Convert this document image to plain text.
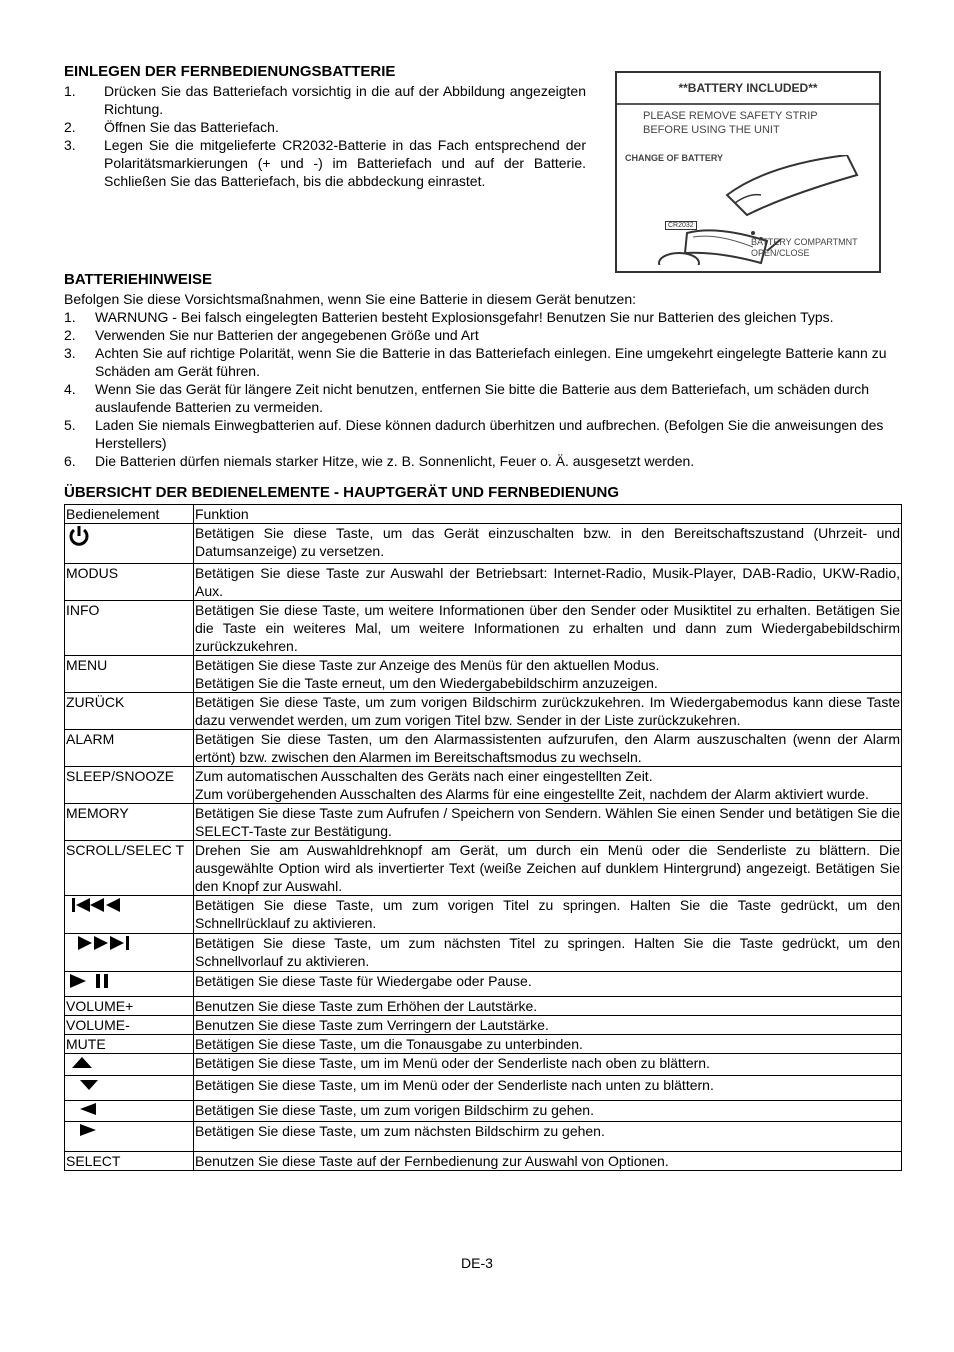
EINLEGEN DER FERNBEDIENUNGSBATTERIE
1. Drücken Sie das Batteriefach vorsichtig in die auf der Abbildung angezeigten Richtung.
2. Öffnen Sie das Batteriefach.
3. Legen Sie die mitgelieferte CR2032-Batterie in das Fach entsprechend der Polaritätsmarkierungen (+ und -) im Batteriefach und auf der Batterie. Schließen Sie das Batteriefach, bis die abbdeckung einrastet.
**BATTERY INCLUDED**
PLEASE REMOVE SAFETY STRIP
BEFORE USING THE UNIT
CHANGE OF BATTERY
CR2032
BATTERY COMPARTMNT
OPEN/CLOSE
BATTERIEHINWEISE
Befolgen Sie diese Vorsichtsmaßnahmen, wenn Sie eine Batterie in diesem Gerät benutzen:
1. WARNUNG - Bei falsch eingelegten Batterien besteht Explosionsgefahr! Benutzen Sie nur Batterien des gleichen Typs.
2. Verwenden Sie nur Batterien der angegebenen Größe und Art
3. Achten Sie auf richtige Polarität, wenn Sie die Batterie in das Batteriefach einlegen. Eine umgekehrt eingelegte Batterie kann zu Schäden am Gerät führen.
4. Wenn Sie das Gerät für längere Zeit nicht benutzen, entfernen Sie bitte die Batterie aus dem Batteriefach, um schäden durch auslaufende Batterien zu vermeiden.
5. Laden Sie niemals Einwegbatterien auf. Diese können dadurch überhitzen und aufbrechen. (Befolgen Sie die anweisungen des Herstellers)
6. Die Batterien dürfen niemals starker Hitze, wie z. B. Sonnenlicht, Feuer o. Ä. ausgesetzt werden.
ÜBERSICHT DER BEDIENELEMENTE - HAUPTGERÄT UND FERNBEDIENUNG
Bedienelement	Funktion
	Betätigen Sie diese Taste, um das Gerät einzuschalten bzw. in den Bereitschaftszustand (Uhrzeit- und Datumsanzeige) zu versetzen.
MODUS	Betätigen Sie diese Taste zur Auswahl der Betriebsart: Internet-Radio, Musik-Player, DAB-Radio, UKW-Radio, Aux.
INFO	Betätigen Sie diese Taste, um weitere Informationen über den Sender oder Musiktitel zu erhalten. Betätigen Sie die Taste ein weiteres Mal, um weitere Informationen zu erhalten und dann zum Wiedergabebildschirm zurückzukehren.
MENU	Betätigen Sie diese Taste zur Anzeige des Menüs für den aktuellen Modus.
Betätigen Sie die Taste erneut, um den Wiedergabebildschirm anzuzeigen.
ZURÜCK	Betätigen Sie diese Taste, um zum vorigen Bildschirm zurückzukehren. Im Wiedergabemodus kann diese Taste dazu verwendet werden, um zum vorigen Titel bzw. Sender in der Liste zurückzukehren.
ALARM	Betätigen Sie diese Tasten, um den Alarmassistenten aufzurufen, den Alarm auszuschalten (wenn der Alarm ertönt) bzw. zwischen den Alarmen im Bereitschaftsmodus zu wechseln.
SLEEP/SNOOZE	Zum automatischen Ausschalten des Geräts nach einer eingestellten Zeit.
Zum vorübergehenden Ausschalten des Alarms für eine eingestellte Zeit, nachdem der Alarm aktiviert wurde.
MEMORY	Betätigen Sie diese Taste zum Aufrufen / Speichern von Sendern. Wählen Sie einen Sender und betätigen Sie die SELECT-Taste zur Bestätigung.
SCROLL/SELEC T	Drehen Sie am Auswahldrehknopf am Gerät, um durch ein Menü oder die Senderliste zu blättern. Die ausgewählte Option wird als invertierter Text (weiße Zeichen auf dunklem Hintergrund) angezeigt. Betätigen Sie den Knopf zur Auswahl.
	Betätigen Sie diese Taste, um zum vorigen Titel zu springen. Halten Sie die Taste gedrückt, um den Schnellrücklauf zu aktivieren.
	Betätigen Sie diese Taste, um zum nächsten Titel zu springen. Halten Sie die Taste gedrückt, um den Schnellvorlauf zu aktivieren.
	Betätigen Sie diese Taste für Wiedergabe oder Pause.
VOLUME+	Benutzen Sie diese Taste zum Erhöhen der Lautstärke.
VOLUME-	Benutzen Sie diese Taste zum Verringern der Lautstärke.
MUTE	Betätigen Sie diese Taste, um die Tonausgabe zu unterbinden.
	Betätigen Sie diese Taste, um im Menü oder der Senderliste nach oben zu blättern.
	Betätigen Sie diese Taste, um im Menü oder der Senderliste nach unten zu blättern.
	Betätigen Sie diese Taste, um zum vorigen Bildschirm zu gehen.
	Betätigen Sie diese Taste, um zum nächsten Bildschirm zu gehen.
SELECT	Benutzen Sie diese Taste auf der Fernbedienung zur Auswahl von Optionen.
DE-3
